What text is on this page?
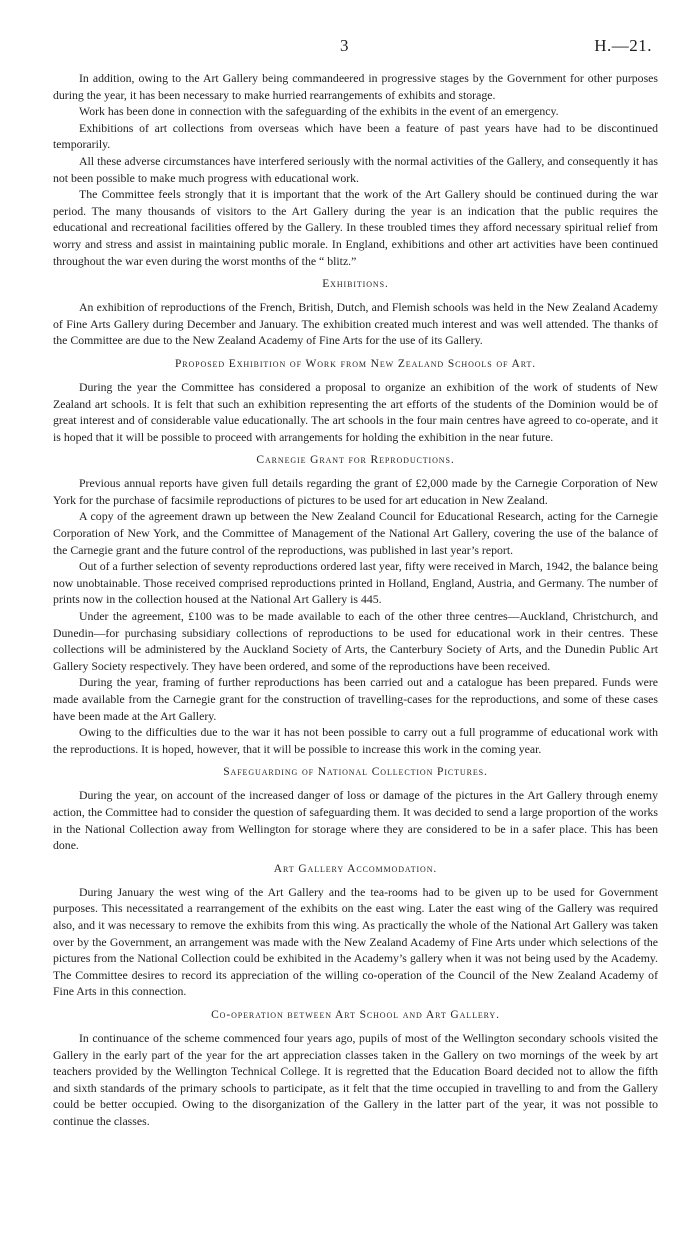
3	H.—21.

In addition, owing to the Art Gallery being commandeered in progressive stages by the Government for other purposes during the year, it has been necessary to make hurried rearrangements of exhibits and storage.

Work has been done in connection with the safeguarding of the exhibits in the event of an emergency.

Exhibitions of art collections from overseas which have been a feature of past years have had to be discontinued temporarily.

All these adverse circumstances have interfered seriously with the normal activities of the Gallery, and consequently it has not been possible to make much progress with educational work.

The Committee feels strongly that it is important that the work of the Art Gallery should be continued during the war period. The many thousands of visitors to the Art Gallery during the year is an indication that the public requires the educational and recreational facilities offered by the Gallery. In these troubled times they afford necessary spiritual relief from worry and stress and assist in maintaining public morale. In England, exhibitions and other art activities have been continued throughout the war even during the worst months of the “ blitz.”

Exhibitions.

An exhibition of reproductions of the French, British, Dutch, and Flemish schools was held in the New Zealand Academy of Fine Arts Gallery during December and January. The exhibition created much interest and was well attended. The thanks of the Committee are due to the New Zealand Academy of Fine Arts for the use of its Gallery.

Proposed Exhibition of Work from New Zealand Schools of Art.

During the year the Committee has considered a proposal to organize an exhibition of the work of students of New Zealand art schools. It is felt that such an exhibition representing the art efforts of the students of the Dominion would be of great interest and of considerable value educationally. The art schools in the four main centres have agreed to co-operate, and it is hoped that it will be possible to proceed with arrangements for holding the exhibition in the near future.

Carnegie Grant for Reproductions.

Previous annual reports have given full details regarding the grant of £2,000 made by the Carnegie Corporation of New York for the purchase of facsimile reproductions of pictures to be used for art education in New Zealand.

A copy of the agreement drawn up between the New Zealand Council for Educational Research, acting for the Carnegie Corporation of New York, and the Committee of Management of the National Art Gallery, covering the use of the balance of the Carnegie grant and the future control of the reproductions, was published in last year’s report.

Out of a further selection of seventy reproductions ordered last year, fifty were received in March, 1942, the balance being now unobtainable. Those received comprised reproductions printed in Holland, England, Austria, and Germany. The number of prints now in the collection housed at the National Art Gallery is 445.

Under the agreement, £100 was to be made available to each of the other three centres—Auckland, Christchurch, and Dunedin—for purchasing subsidiary collections of reproductions to be used for educational work in their centres. These collections will be administered by the Auckland Society of Arts, the Canterbury Society of Arts, and the Dunedin Public Art Gallery Society respectively. They have been ordered, and some of the reproductions have been received.

During the year, framing of further reproductions has been carried out and a catalogue has been prepared. Funds were made available from the Carnegie grant for the construction of travelling-cases for the reproductions, and some of these cases have been made at the Art Gallery.

Owing to the difficulties due to the war it has not been possible to carry out a full programme of educational work with the reproductions. It is hoped, however, that it will be possible to increase this work in the coming year.

Safeguarding of National Collection Pictures.

During the year, on account of the increased danger of loss or damage of the pictures in the Art Gallery through enemy action, the Committee had to consider the question of safeguarding them. It was decided to send a large proportion of the works in the National Collection away from Wellington for storage where they are considered to be in a safer place. This has been done.

Art Gallery Accommodation.

During January the west wing of the Art Gallery and the tea-rooms had to be given up to be used for Government purposes. This necessitated a rearrangement of the exhibits on the east wing. Later the east wing of the Gallery was required also, and it was necessary to remove the exhibits from this wing. As practically the whole of the National Art Gallery was taken over by the Government, an arrangement was made with the New Zealand Academy of Fine Arts under which selections of the pictures from the National Collection could be exhibited in the Academy’s gallery when it was not being used by the Academy. The Committee desires to record its appreciation of the willing co-operation of the Council of the New Zealand Academy of Fine Arts in this connection.

Co-operation between Art School and Art Gallery.

In continuance of the scheme commenced four years ago, pupils of most of the Wellington secondary schools visited the Gallery in the early part of the year for the art appreciation classes taken in the Gallery on two mornings of the week by art teachers provided by the Wellington Technical College. It is regretted that the Education Board decided not to allow the fifth and sixth standards of the primary schools to participate, as it felt that the time occupied in travelling to and from the Gallery could be better occupied. Owing to the disorganization of the Gallery in the latter part of the year, it was not possible to continue the classes.
